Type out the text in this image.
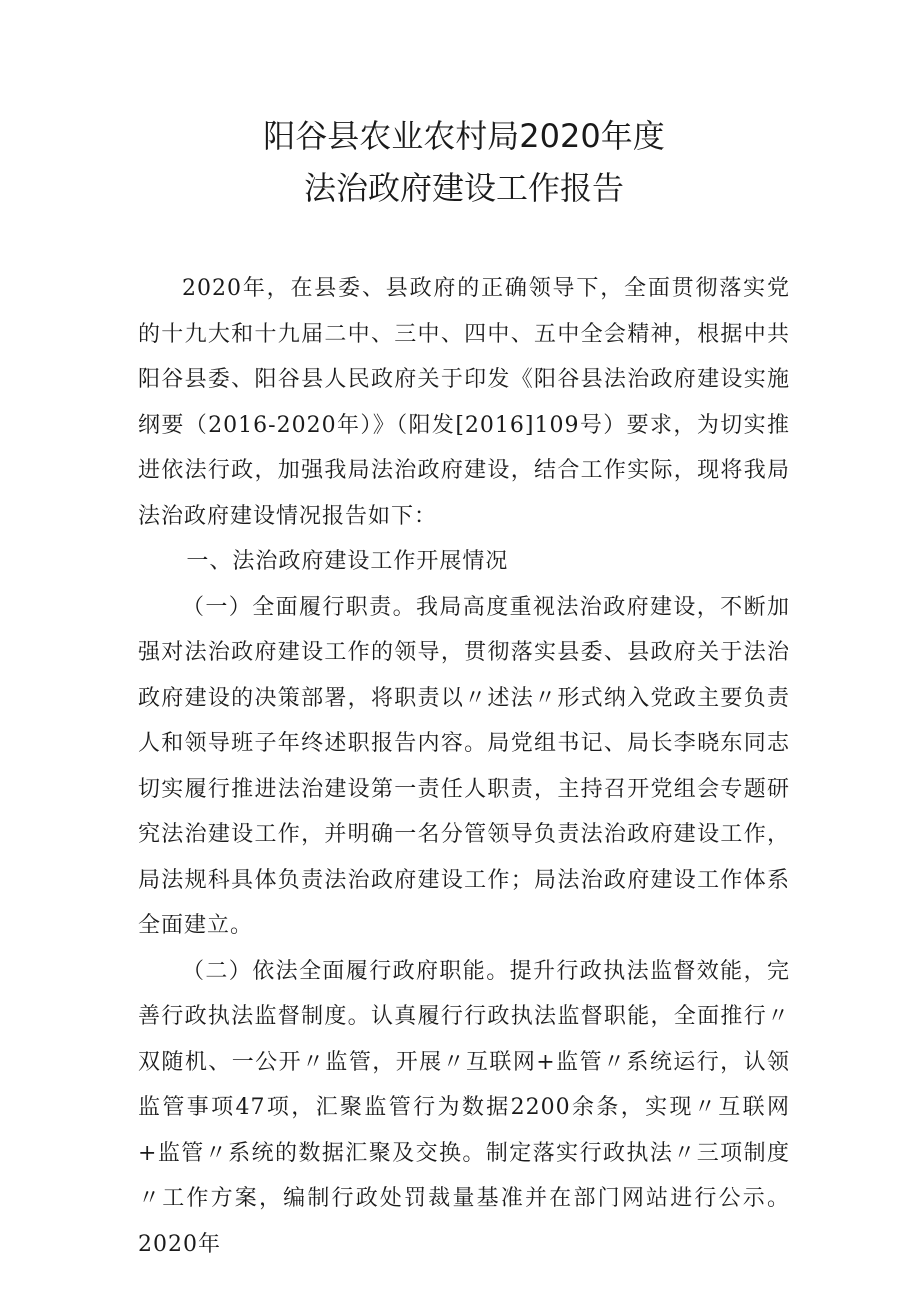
阳谷县农业农村局2020年度
法治政府建设工作报告

2020年，在县委、县政府的正确领导下，全面贯彻落实党的十九大和十九届二中、三中、四中、五中全会精神，根据中共阳谷县委、阳谷县人民政府关于印发《阳谷县法治政府建设实施纲要（2016-2020年）》（阳发[2016]109号）要求，为切实推进依法行政，加强我局法治政府建设，结合工作实际，现将我局法治政府建设情况报告如下：

一、法治政府建设工作开展情况

（一）全面履行职责。我局高度重视法治政府建设，不断加强对法治政府建设工作的领导，贯彻落实县委、县政府关于法治政府建设的决策部署，将职责以〃述法〃形式纳入党政主要负责人和领导班子年终述职报告内容。局党组书记、局长李晓东同志切实履行推进法治建设第一责任人职责，主持召开党组会专题研究法治建设工作，并明确一名分管领导负责法治政府建设工作，局法规科具体负责法治政府建设工作；局法治政府建设工作体系全面建立。

（二）依法全面履行政府职能。提升行政执法监督效能，完善行政执法监督制度。认真履行行政执法监督职能，全面推行〃双随机、一公开〃监管，开展〃互联网+监管〃系统运行，认领监管事项47项，汇聚监管行为数据2200余条，实现〃互联网+监管〃系统的数据汇聚及交换。制定落实行政执法〃三项制度〃工作方案，编制行政处罚裁量基准并在部门网站进行公示。2020年
